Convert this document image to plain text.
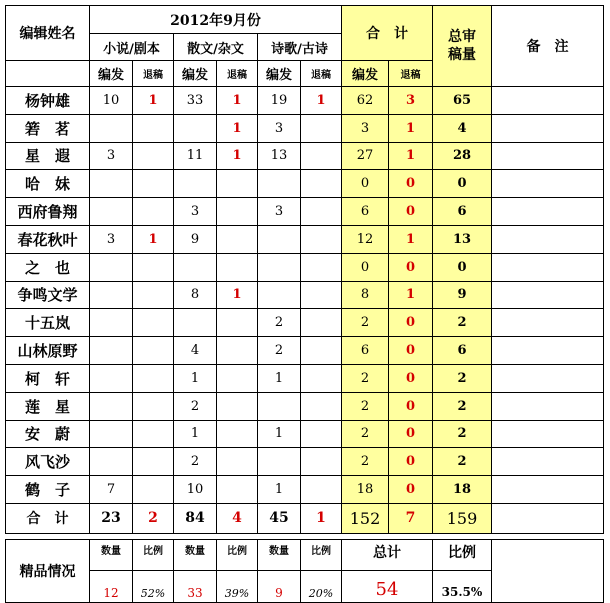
编辑姓名	2012年9月份						合　计		总审
稿量	备　注
	小说/剧本		散文/杂文		诗歌/古诗					
	编发	退稿	编发	退稿	编发	退稿	编发	退稿		
杨钟雄	10	1	33	1	19	1	62	3	65	
箬　茗				1	3		3	1	4	
星　遐	3		11	1	13		27	1	28	
哈　妹							0	0	0	
西府鲁翔			3		3		6	0	6	
春花秋叶	3	1	9				12	1	13	
之　也							0	0	0	
争鸣文学			8	1			8	1	9	
十五岚					2		2	0	2	
山林原野			4		2		6	0	6	
柯　轩			1		1		2	0	2	
莲　星			2				2	0	2	
安　蔚			1		1		2	0	2	
风飞沙			2				2	0	2	
鹤　子	7		10		1		18	0	18	
合　计	23	2	84	4	45	1	152	7	159	

精品情况	数量	比例	数量	比例	数量	比例	总计		比例	
	12	52%	33	39%	9	20%	54		35.5%	
